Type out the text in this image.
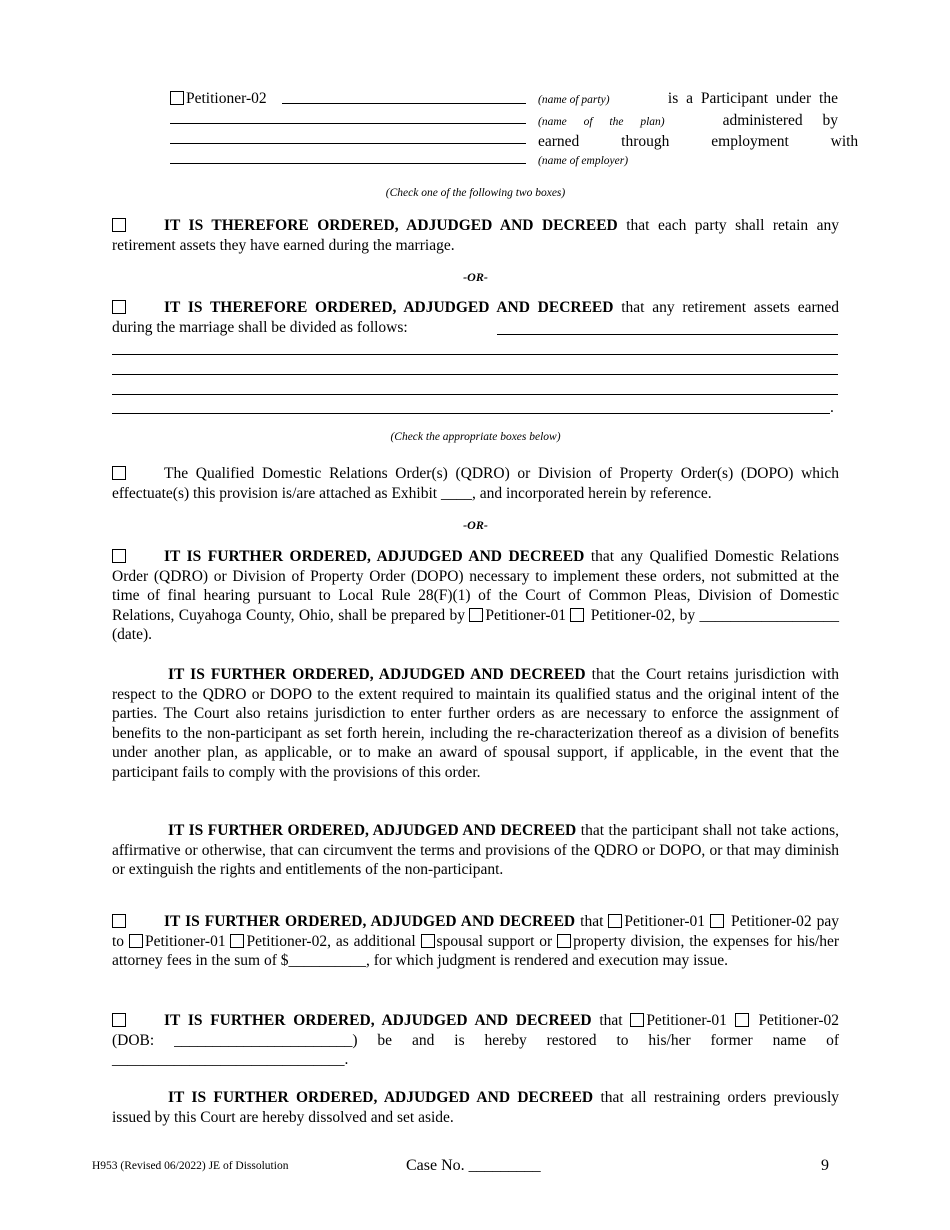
Petitioner-02	(name of party)	is a Participant under the
(name of the plan)	administered by
earned through employment with
(name of employer)
(Check one of the following two boxes)
IT IS THEREFORE ORDERED, ADJUDGED AND DECREED that each party shall retain any retirement assets they have earned during the marriage.
-OR-
IT IS THEREFORE ORDERED, ADJUDGED AND DECREED that any retirement assets earned during the marriage shall be divided as follows:
.
(Check the appropriate boxes below)
The Qualified Domestic Relations Order(s) (QDRO) or Division of Property Order(s) (DOPO) which effectuate(s) this provision is/are attached as Exhibit ____, and incorporated herein by reference.
-OR-
IT IS FURTHER ORDERED, ADJUDGED AND DECREED that any Qualified Domestic Relations Order (QDRO) or Division of Property Order (DOPO) necessary to implement these orders, not submitted at the time of final hearing pursuant to Local Rule 28(F)(1) of the Court of Common Pleas, Division of Domestic Relations, Cuyahoga County, Ohio, shall be prepared by Petitioner-01 Petitioner-02, by __________________ (date).
IT IS FURTHER ORDERED, ADJUDGED AND DECREED that the Court retains jurisdiction with respect to the QDRO or DOPO to the extent required to maintain its qualified status and the original intent of the parties. The Court also retains jurisdiction to enter further orders as are necessary to enforce the assignment of benefits to the non-participant as set forth herein, including the re-characterization thereof as a division of benefits under another plan, as applicable, or to make an award of spousal support, if applicable, in the event that the participant fails to comply with the provisions of this order.
IT IS FURTHER ORDERED, ADJUDGED AND DECREED that the participant shall not take actions, affirmative or otherwise, that can circumvent the terms and provisions of the QDRO or DOPO, or that may diminish or extinguish the rights and entitlements of the non-participant.
IT IS FURTHER ORDERED, ADJUDGED AND DECREED that Petitioner-01 Petitioner-02 pay to Petitioner-01 Petitioner-02, as additional spousal support or property division, the expenses for his/her attorney fees in the sum of $__________, for which judgment is rendered and execution may issue.
IT IS FURTHER ORDERED, ADJUDGED AND DECREED that Petitioner-01 Petitioner-02 (DOB: _______________________) be and is hereby restored to his/her former name of ______________________________.
IT IS FURTHER ORDERED, ADJUDGED AND DECREED that all restraining orders previously issued by this Court are hereby dissolved and set aside.
H953 (Revised 06/2022) JE of Dissolution	Case No. _________	9
